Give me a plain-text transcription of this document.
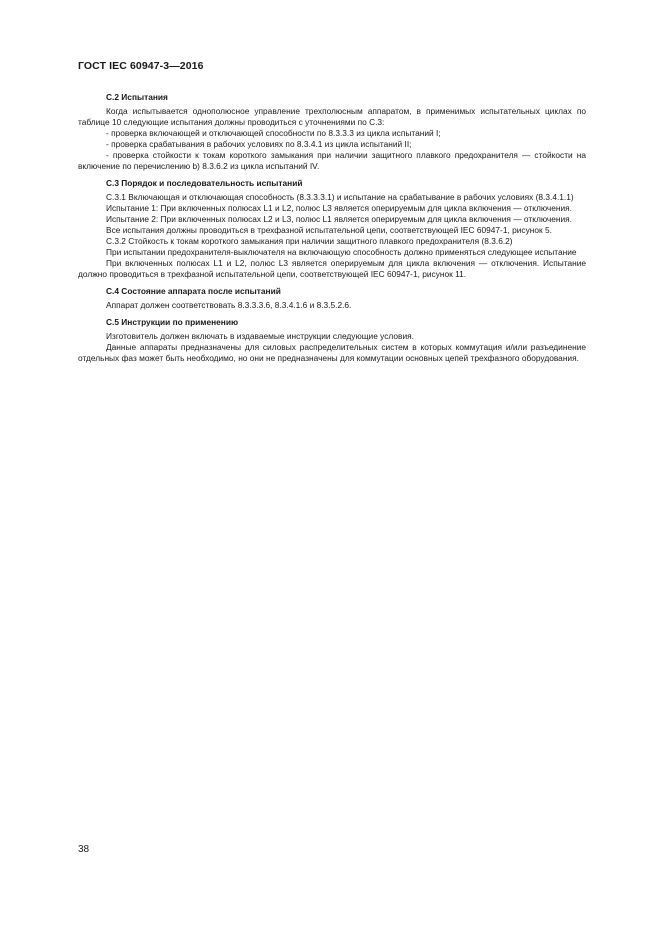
ГОСТ IEC 60947-3—2016
С.2 Испытания

Когда испытывается однополюсное управление трехполюсным аппаратом, в применимых испытательных циклах по таблице 10 следующие испытания должны проводиться с уточнениями по С.3:

- проверка включающей и отключающей способности по 8.3.3.3 из цикла испытаний I;

- проверка срабатывания в рабочих условиях по 8.3.4.1 из цикла испытаний II;

- проверка стойкости к токам короткого замыкания при наличии защитного плавкого предохранителя — стойкости на включение по перечислению b) 8.3.6.2 из цикла испытаний IV.

С.3 Порядок и последовательность испытаний

С.3.1 Включающая и отключающая способность (8.3.3.3.1) и испытание на срабатывание в рабочих условиях (8.3.4.1.1)

Испытание 1: При включенных полюсах L1 и L2, полюс L3 является оперируемым для цикла включения — отключения.

Испытание 2: При включенных полюсах L2 и L3, полюс L1 является оперируемым для цикла включения — отключения.

Все испытания должны проводиться в трехфазной испытательной цепи, соответствующей IEC 60947-1, рисунок 5.

С.3.2 Стойкость к токам короткого замыкания при наличии защитного плавкого предохранителя (8.3.6.2)

При испытании предохранителя-выключателя на включающую способность должно применяться следующее испытание

При включенных полюсах L1 и L2, полюс L3 является оперируемым для цикла включения — отключения. Испытание должно проводиться в трехфазной испытательной цепи, соответствующей IEC 60947-1, рисунок 11.

С.4 Состояние аппарата после испытаний

Аппарат должен соответствовать 8.3.3.3.6, 8.3.4.1.6 и 8.3.5.2.6.

С.5 Инструкции по применению

Изготовитель должен включать в издаваемые инструкции следующие условия.

Данные аппараты предназначены для силовых распределительных систем в которых коммутация и/или разъединение отдельных фаз может быть необходимо, но они не предназначены для коммутации основных цепей трехфазного оборудования.

38
